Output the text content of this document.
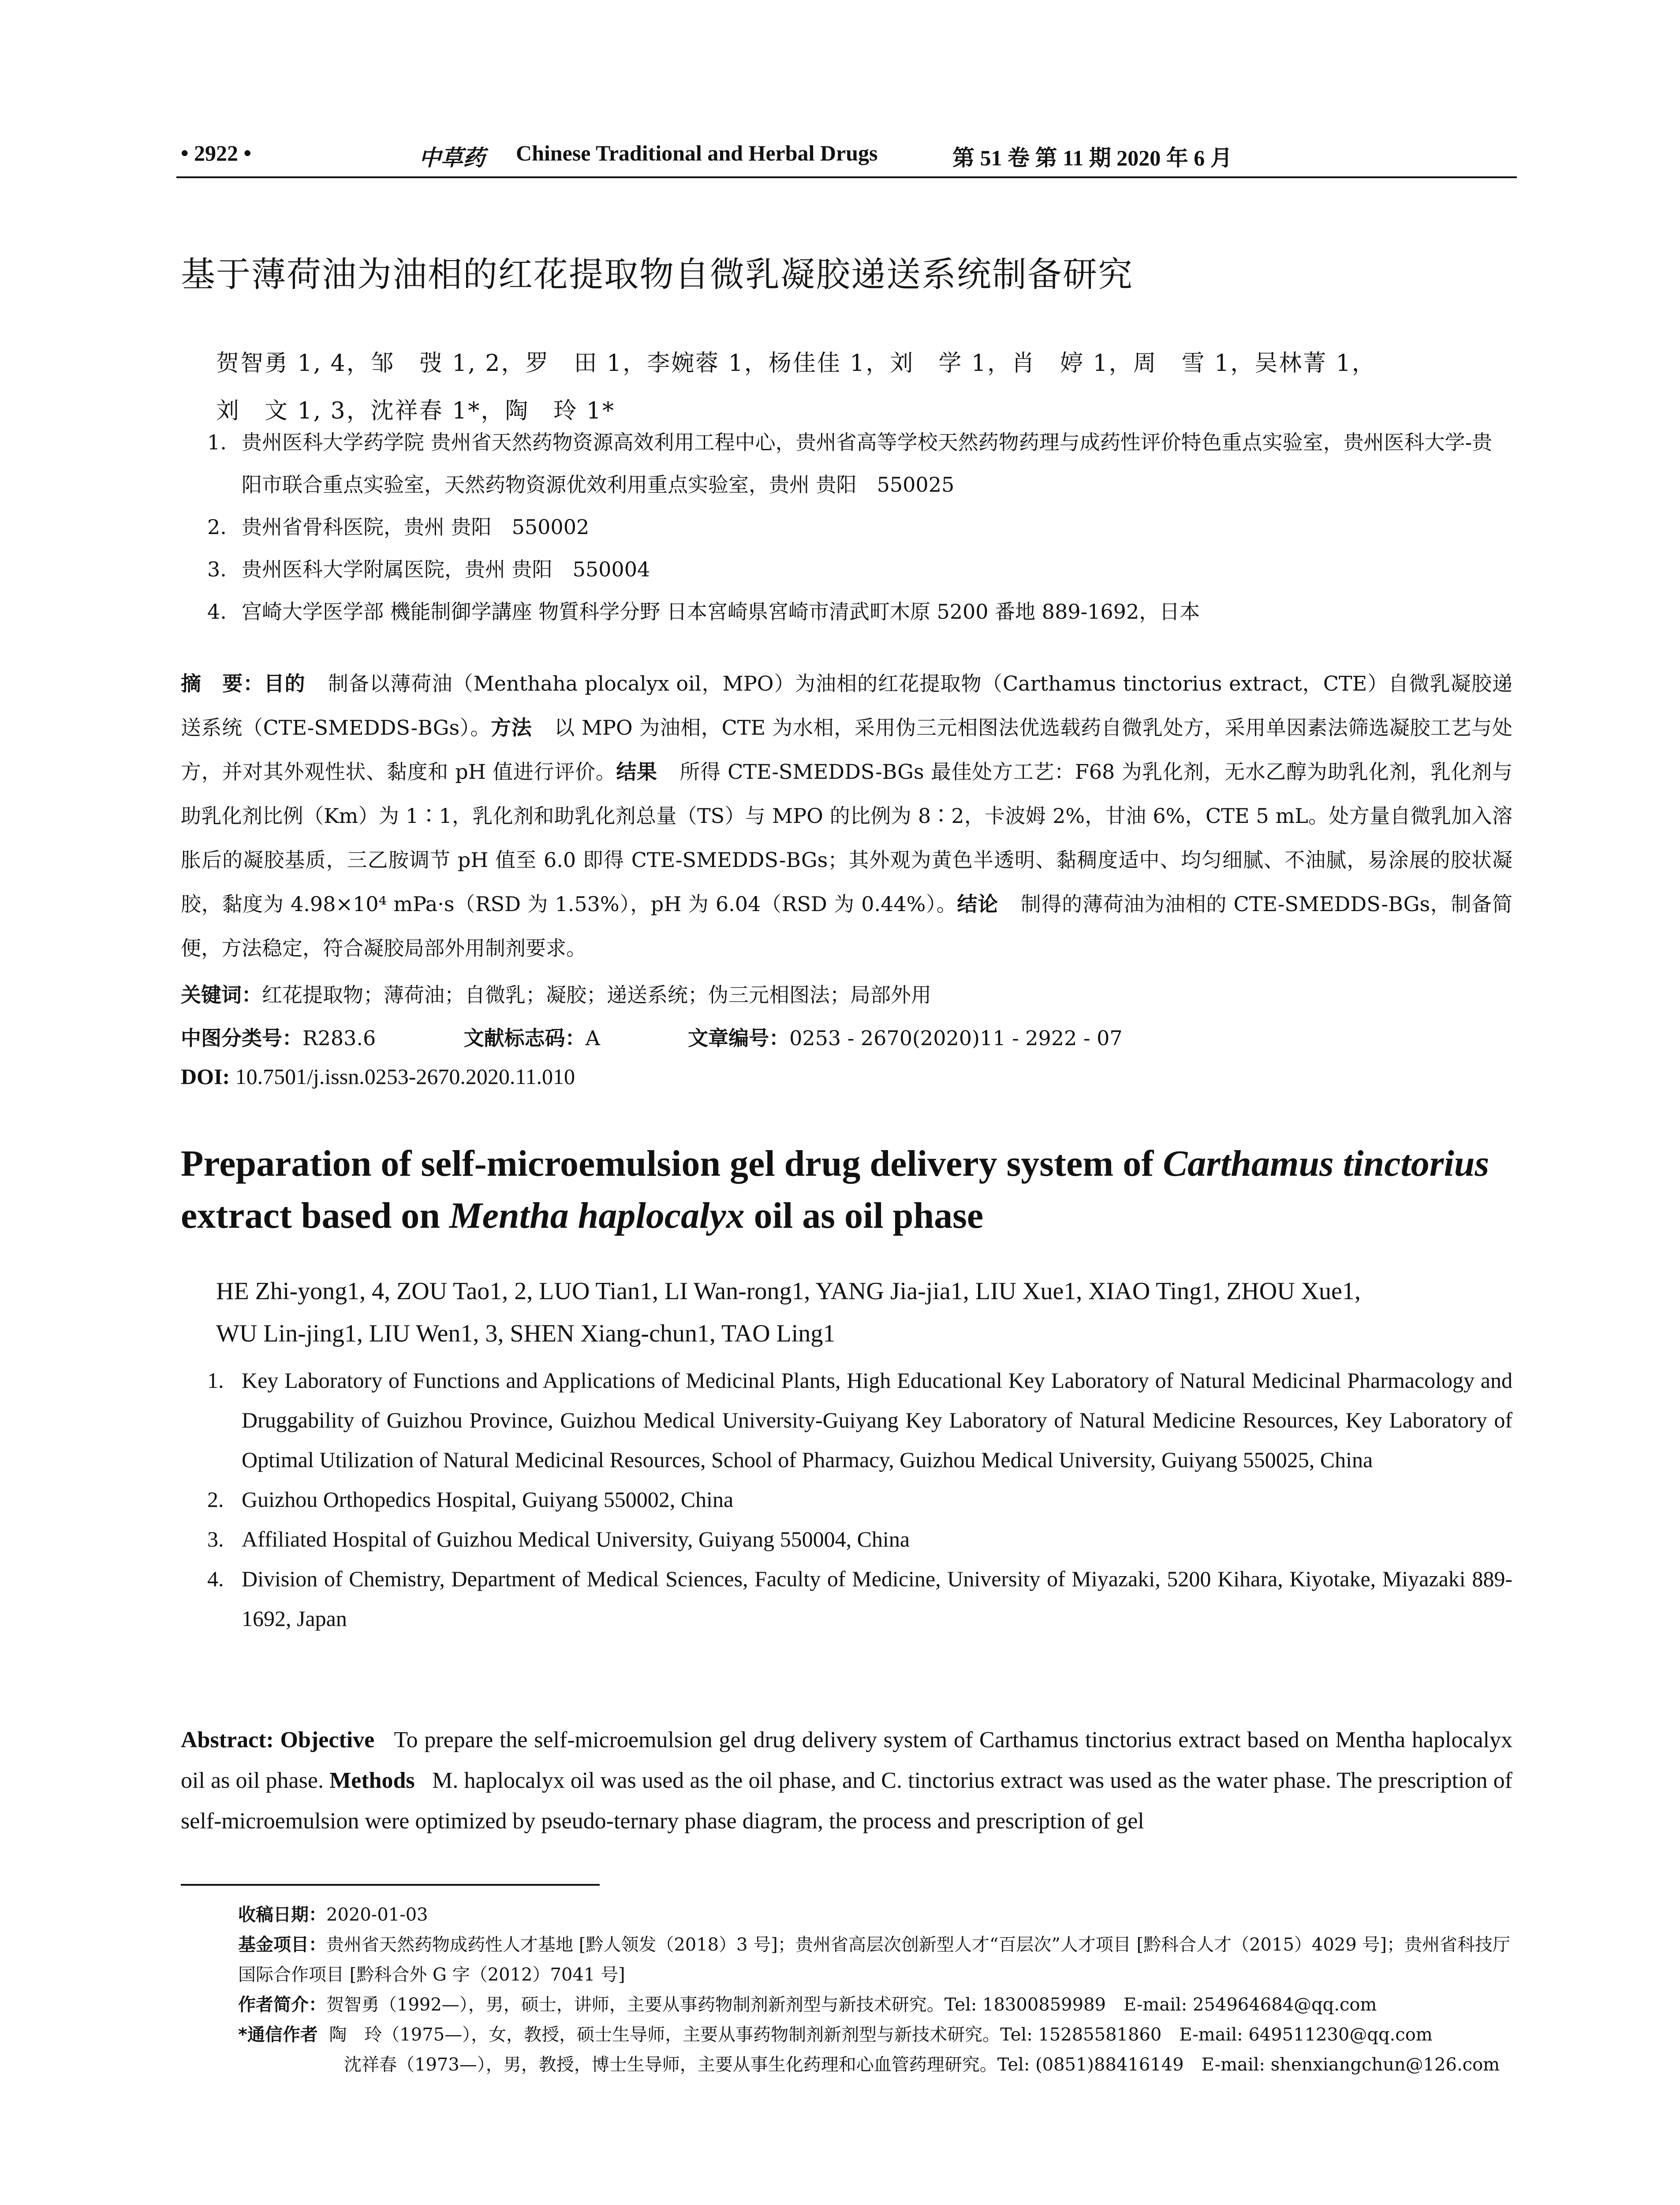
• 2922 •	中草药 Chinese Traditional and Herbal Drugs	第 51 卷 第 11 期 2020 年 6 月
基于薄荷油为油相的红花提取物自微乳凝胶递送系统制备研究
贺智勇 1, 4，邹　弢 1, 2，罗　田 1，李婉蓉 1，杨佳佳 1，刘　学 1，肖　婷 1，周　雪 1，吴林菁 1，
刘　文 1, 3，沈祥春 1*，陶　玲 1*
1. 贵州医科大学药学院 贵州省天然药物资源高效利用工程中心，贵州省高等学校天然药物药理与成药性评价特色重点实验室，贵州医科大学-贵阳市联合重点实验室，天然药物资源优效利用重点实验室，贵州 贵阳　550025
2. 贵州省骨科医院，贵州 贵阳　550002
3. 贵州医科大学附属医院，贵州 贵阳　550004
4. 宫崎大学医学部 機能制御学講座 物質科学分野 日本宮崎県宮崎市清武町木原 5200 番地 889-1692，日本

摘　要：目的 制备以薄荷油（Menthaha plocalyx oil，MPO）为油相的红花提取物（Carthamus tinctorius extract，CTE）自微乳凝胶递送系统（CTE-SMEDDS-BGs）。方法 以 MPO 为油相，CTE 为水相，采用伪三元相图法优选载药自微乳处方，采用单因素法筛选凝胶工艺与处方，并对其外观性状、黏度和 pH 值进行评价。结果 所得 CTE-SMEDDS-BGs 最佳处方工艺：F68 为乳化剂，无水乙醇为助乳化剂，乳化剂与助乳化剂比例（Km）为 1∶1，乳化剂和助乳化剂总量（TS）与 MPO 的比例为 8∶2，卡波姆 2%，甘油 6%，CTE 5 mL。处方量自微乳加入溶胀后的凝胶基质，三乙胺调节 pH 值至 6.0 即得 CTE-SMEDDS-BGs；其外观为黄色半透明、黏稠度适中、均匀细腻、不油腻，易涂展的胶状凝胶，黏度为 4.98×10⁴ mPa·s（RSD 为 1.53%），pH 为 6.04（RSD 为 0.44%）。结论 制得的薄荷油为油相的 CTE-SMEDDS-BGs，制备简便，方法稳定，符合凝胶局部外用制剂要求。

关键词：红花提取物；薄荷油；自微乳；凝胶；递送系统；伪三元相图法；局部外用
中图分类号：R283.6	文献标志码：A	文章编号：0253 - 2670(2020)11 - 2922 - 07
DOI: 10.7501/j.issn.0253-2670.2020.11.010
Preparation of self-microemulsion gel drug delivery system of Carthamus tinctorius extract based on Mentha haplocalyx oil as oil phase
HE Zhi-yong1, 4, ZOU Tao1, 2, LUO Tian1, LI Wan-rong1, YANG Jia-jia1, LIU Xue1, XIAO Ting1, ZHOU Xue1,
WU Lin-jing1, LIU Wen1, 3, SHEN Xiang-chun1, TAO Ling1
1. Key Laboratory of Functions and Applications of Medicinal Plants, High Educational Key Laboratory of Natural Medicinal Pharmacology and Druggability of Guizhou Province, Guizhou Medical University-Guiyang Key Laboratory of Natural Medicine Resources, Key Laboratory of Optimal Utilization of Natural Medicinal Resources, School of Pharmacy, Guizhou Medical University, Guiyang 550025, China
2. Guizhou Orthopedics Hospital, Guiyang 550002, China
3. Affiliated Hospital of Guizhou Medical University, Guiyang 550004, China
4. Division of Chemistry, Department of Medical Sciences, Faculty of Medicine, University of Miyazaki, 5200 Kihara, Kiyotake, Miyazaki 889-1692, Japan
Abstract: Objective To prepare the self-microemulsion gel drug delivery system of Carthamus tinctorius extract based on Mentha haplocalyx oil as oil phase. Methods M. haplocalyx oil was used as the oil phase, and C. tinctorius extract was used as the water phase. The prescription of self-microemulsion were optimized by pseudo-ternary phase diagram, the process and prescription of gel
收稿日期：2020-01-03
基金项目：贵州省天然药物成药性人才基地 [黔人领发（2018）3 号]；贵州省高层次创新型人才“百层次”人才项目 [黔科合人才（2015）4029 号]；贵州省科技厅国际合作项目 [黔科合外 G 字（2012）7041 号]
作者简介：贺智勇（1992—），男，硕士，讲师，主要从事药物制剂新剂型与新技术研究。Tel: 18300859989　E-mail: 254964684@qq.com
*通信作者 陶　玲（1975—），女，教授，硕士生导师，主要从事药物制剂新剂型与新技术研究。Tel: 15285581860　E-mail: 649511230@qq.com
沈祥春（1973—），男，教授，博士生导师，主要从事生化药理和心血管药理研究。Tel: (0851)88416149　E-mail: shenxiangchun@126.com
